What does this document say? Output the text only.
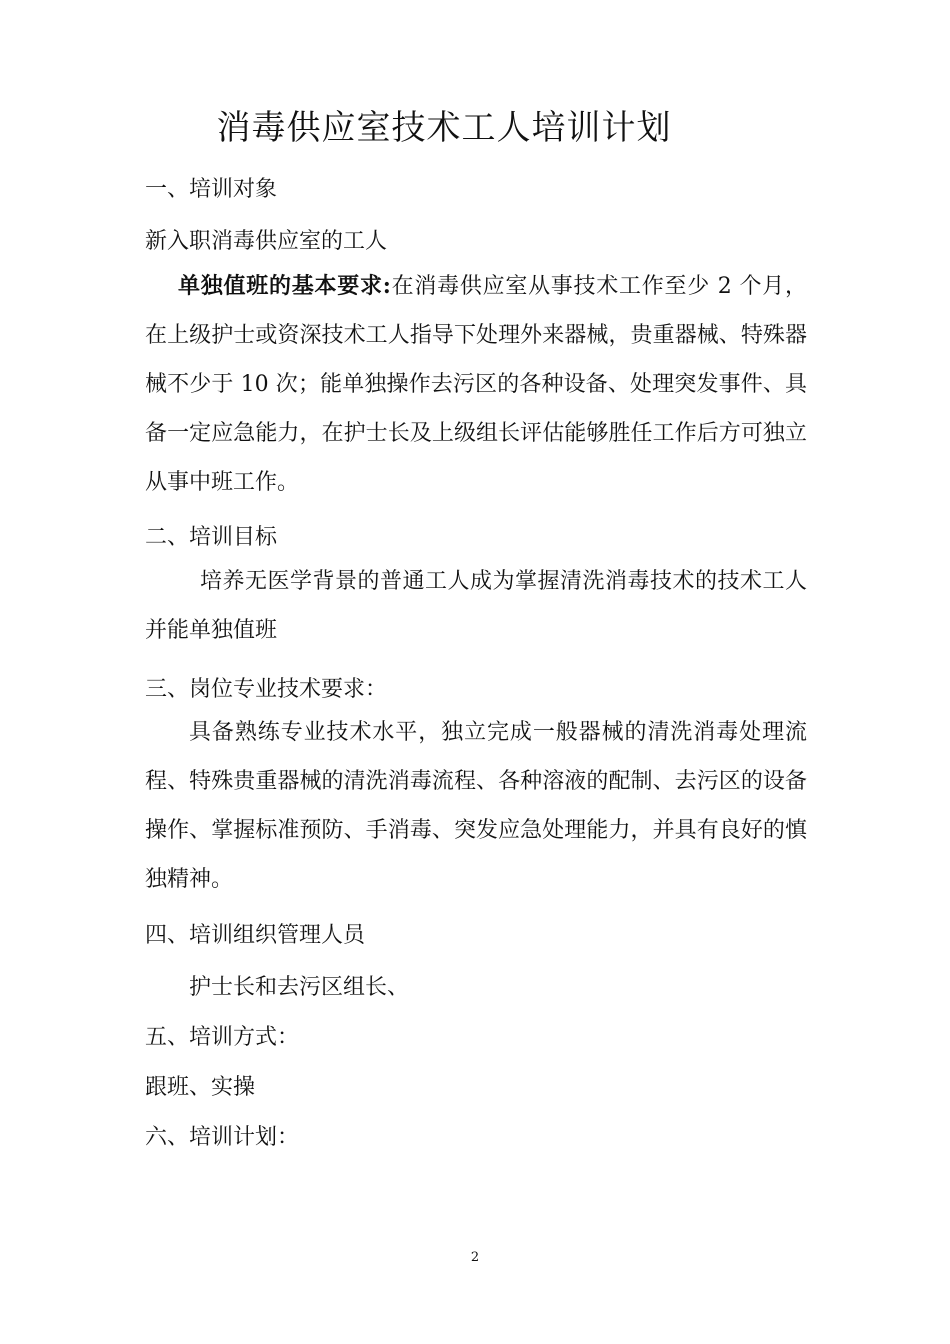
消毒供应室技术工人培训计划
一、培训对象
新入职消毒供应室的工人
单独值班的基本要求:在消毒供应室从事技术工作至少 2 个月，在上级护士或资深技术工人指导下处理外来器械，贵重器械、特殊器械不少于 10 次；能单独操作去污区的各种设备、处理突发事件、具备一定应急能力，在护士长及上级组长评估能够胜任工作后方可独立从事中班工作。
二、培训目标
培养无医学背景的普通工人成为掌握清洗消毒技术的技术工人并能单独值班
三、岗位专业技术要求：
具备熟练专业技术水平，独立完成一般器械的清洗消毒处理流程、特殊贵重器械的清洗消毒流程、各种溶液的配制、去污区的设备操作、掌握标准预防、手消毒、突发应急处理能力，并具有良好的慎独精神。
四、培训组织管理人员
护士长和去污区组长、
五、培训方式：
跟班、实操
六、培训计划：
2
